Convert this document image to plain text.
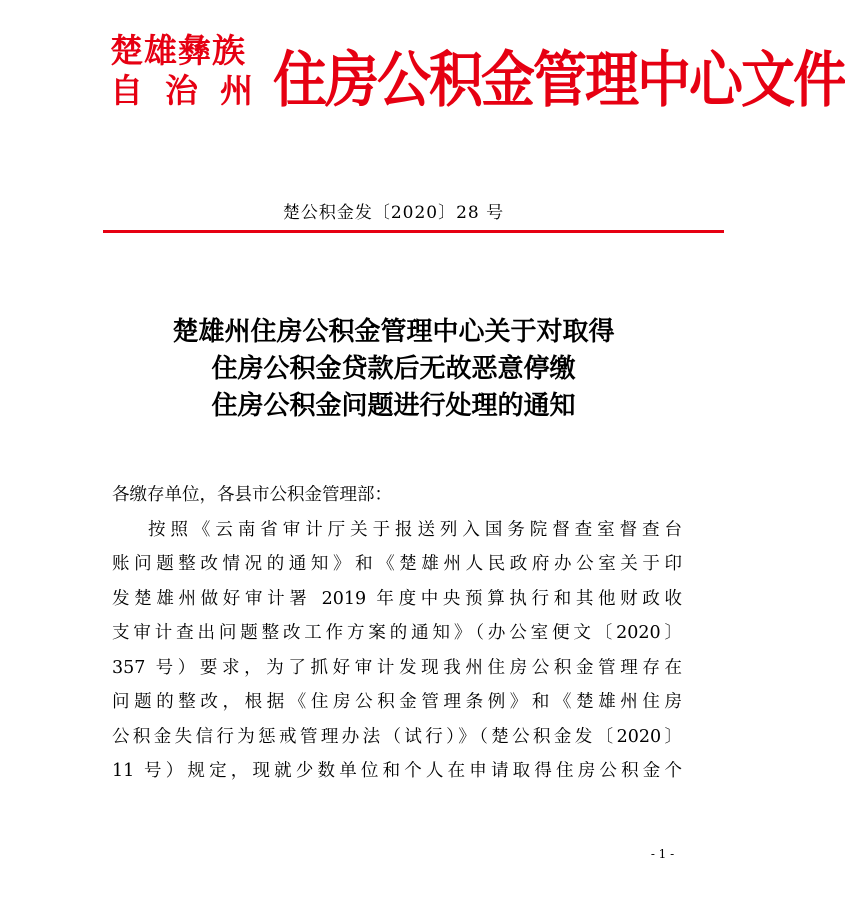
楚雄彝族
自治州
住房公积金管理中心文件
楚公积金发〔2020〕28 号
楚雄州住房公积金管理中心关于对取得
住房公积金贷款后无故恶意停缴
住房公积金问题进行处理的通知
各缴存单位，各县市公积金管理部：
按照《云南省审计厅关于报送列入国务院督查室督查台
账问题整改情况的通知》和《楚雄州人民政府办公室关于印
发楚雄州做好审计署 2019 年度中央预算执行和其他财政收
支审计查出问题整改工作方案的通知》（办公室便文〔2020〕
357 号）要求，为了抓好审计发现我州住房公积金管理存在
问题的整改，根据《住房公积金管理条例》和《楚雄州住房
公积金失信行为惩戒管理办法（试行）》（楚公积金发〔2020〕
11 号）规定，现就少数单位和个人在申请取得住房公积金个
- 1 -
